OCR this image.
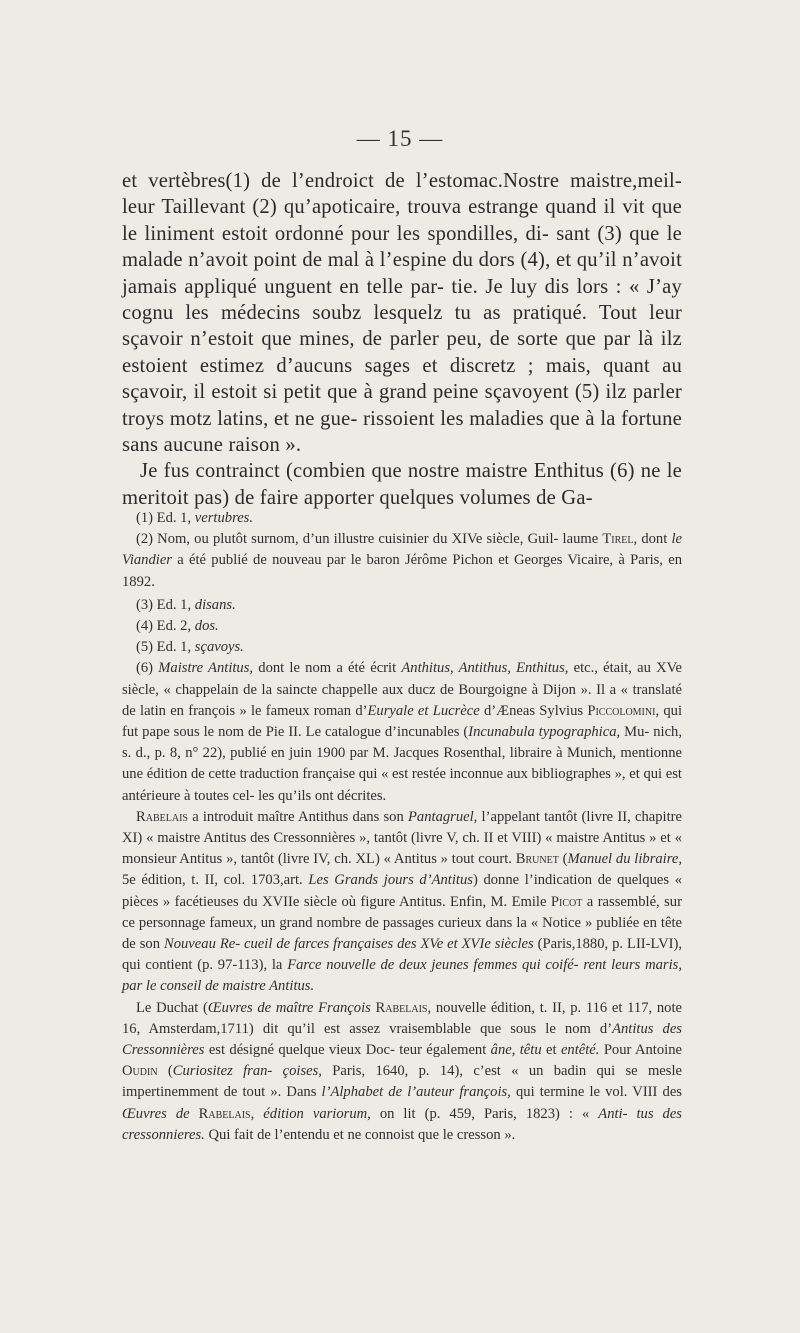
— 15 —

et vertèbres(1) de l’endroict de l’estomac.Nostre maistre,meil- leur Taillevant (2) qu’apoticaire, trouva estrange quand il vit que le liniment estoit ordonné pour les spondilles, di- sant (3) que le malade n’avoit point de mal à l’espine du dors (4), et qu’il n’avoit jamais appliqué unguent en telle par- tie. Je luy dis lors : « J’ay cognu les médecins soubz lesquelz tu as pratiqué. Tout leur sçavoir n’estoit que mines, de parler peu, de sorte que par là ilz estoient estimez d’aucuns sages et discretz ; mais, quant au sçavoir, il estoit si petit que à grand peine sçavoyent (5) ilz parler troys motz latins, et ne gue- rissoient les maladies que à la fortune sans aucune raison ».

Je fus contrainct (combien que nostre maistre Enthitus (6) ne le meritoit pas) de faire apporter quelques volumes de Ga-

(1) Ed. 1, vertubres.

(2) Nom, ou plutôt surnom, d’un illustre cuisinier du XIVe siècle, Guil- laume Tirel, dont le Viandier a été publié de nouveau par le baron Jérôme Pichon et Georges Vicaire, à Paris, en 1892.

(3) Ed. 1, disans.

(4) Ed. 2, dos.

(5) Ed. 1, sçavoys.

(6) Maistre Antitus, dont le nom a été écrit Anthitus, Antithus, Enthitus, etc., était, au XVe siècle, « chappelain de la saincte chappelle aux ducz de Bourgoigne à Dijon ». Il a « translaté de latin en françois » le fameux roman d’Euryale et Lucrèce d’Æneas Sylvius Piccolomini, qui fut pape sous le nom de Pie II. Le catalogue d’incunables (Incunabula typographica, Mu- nich, s. d., p. 8, n° 22), publié en juin 1900 par M. Jacques Rosenthal, libraire à Munich, mentionne une édition de cette traduction française qui « est restée inconnue aux bibliographes », et qui est antérieure à toutes cel- les qu’ils ont décrites.

Rabelais a introduit maître Antithus dans son Pantagruel, l’appelant tantôt (livre II, chapitre XI) « maistre Antitus des Cressonnières », tantôt (livre V, ch. II et VIII) « maistre Antitus » et « monsieur Antitus », tantôt (livre IV, ch. XL) « Antitus » tout court. Brunet (Manuel du libraire, 5e édition, t. II, col. 1703,art. Les Grands jours d’Antitus) donne l’indication de quelques « pièces » facétieuses du XVIIe siècle où figure Antitus. Enfin, M. Emile Picot a rassemblé, sur ce personnage fameux, un grand nombre de passages curieux dans la « Notice » publiée en tête de son Nouveau Re- cueil de farces françaises des XVe et XVIe siècles (Paris,1880, p. LII-LVI), qui contient (p. 97-113), la Farce nouvelle de deux jeunes femmes qui coifé- rent leurs maris, par le conseil de maistre Antitus.

Le Duchat (Œuvres de maître François Rabelais, nouvelle édition, t. II, p. 116 et 117, note 16, Amsterdam,1711) dit qu’il est assez vraisemblable que sous le nom d’Antitus des Cressonnières est désigné quelque vieux Doc- teur également âne, têtu et entêté. Pour Antoine Oudin (Curiositez fran- çoises, Paris, 1640, p. 14), c’est « un badin qui se mesle impertinemment de tout ». Dans l’Alphabet de l’auteur françois, qui termine le vol. VIII des Œuvres de Rabelais, édition variorum, on lit (p. 459, Paris, 1823) : « Anti- tus des cressonnieres. Qui fait de l’entendu et ne connoist que le cresson ».
